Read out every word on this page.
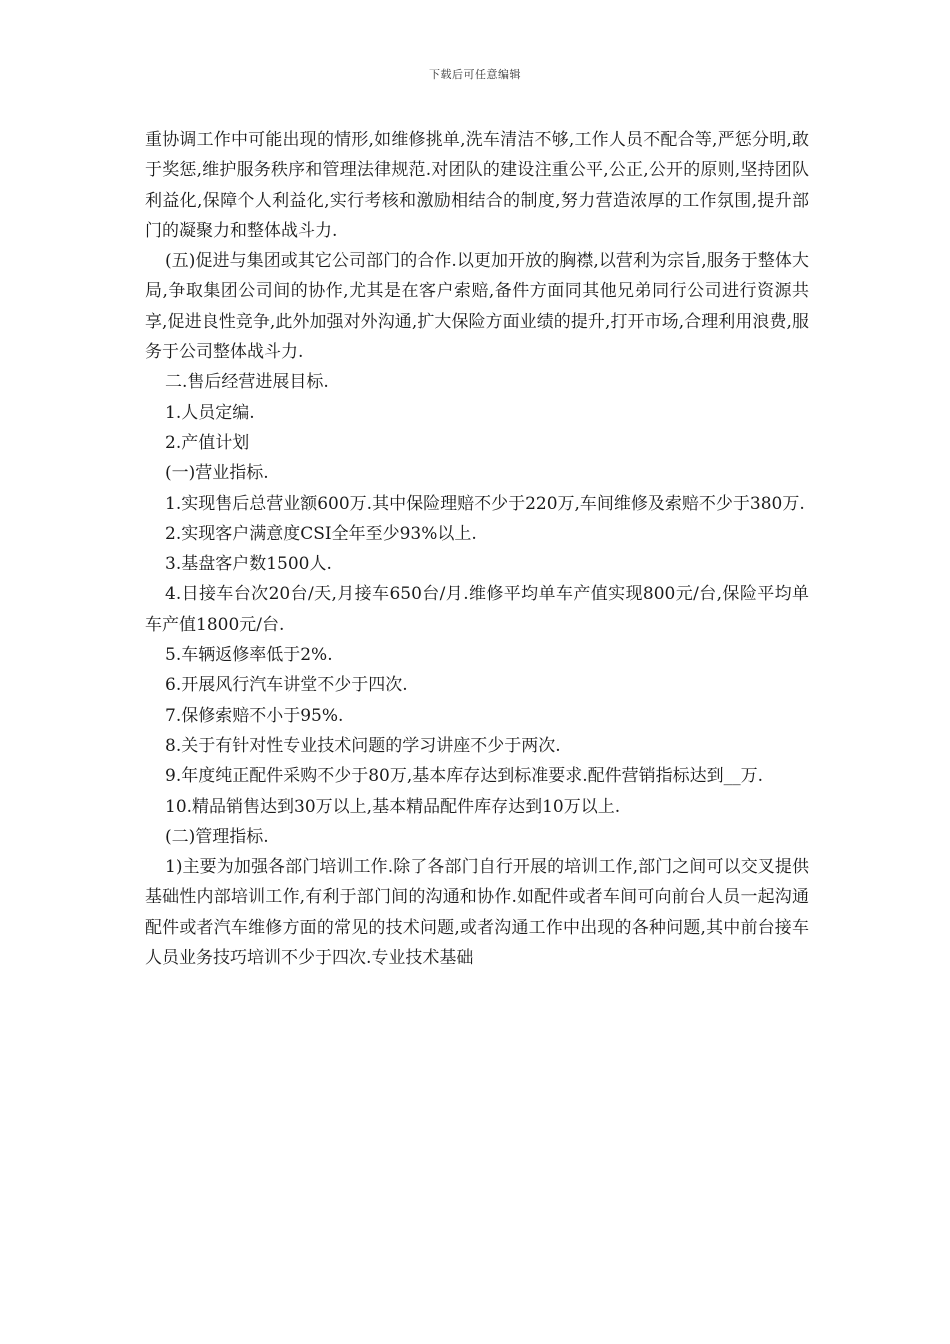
下载后可任意编辑

重协调工作中可能出现的情形,如维修挑单,洗车清洁不够,工作人员不配合等,严惩分明,敢于奖惩,维护服务秩序和管理法律规范.对团队的建设注重公平,公正,公开的原则,坚持团队利益化,保障个人利益化,实行考核和激励相结合的制度,努力营造浓厚的工作氛围,提升部门的凝聚力和整体战斗力.

(五)促进与集团或其它公司部门的合作.以更加开放的胸襟,以营利为宗旨,服务于整体大局,争取集团公司间的协作,尤其是在客户索赔,备件方面同其他兄弟同行公司进行资源共享,促进良性竞争,此外加强对外沟通,扩大保险方面业绩的提升,打开市场,合理利用浪费,服务于公司整体战斗力.

二.售后经营进展目标.

1.人员定编.

2.产值计划

(一)营业指标.

1.实现售后总营业额600万.其中保险理赔不少于220万,车间维修及索赔不少于380万.

2.实现客户满意度CSI全年至少93%以上.

3.基盘客户数1500人.

4.日接车台次20台/天,月接车650台/月.维修平均单车产值实现800元/台,保险平均单车产值1800元/台.

5.车辆返修率低于2%.

6.开展风行汽车讲堂不少于四次.

7.保修索赔不小于95%.

8.关于有针对性专业技术问题的学习讲座不少于两次.

9.年度纯正配件采购不少于80万,基本库存达到标准要求.配件营销指标达到__万.

10.精品销售达到30万以上,基本精品配件库存达到10万以上.

(二)管理指标.

1)主要为加强各部门培训工作.除了各部门自行开展的培训工作,部门之间可以交叉提供基础性内部培训工作,有利于部门间的沟通和协作.如配件或者车间可向前台人员一起沟通配件或者汽车维修方面的常见的技术问题,或者沟通工作中出现的各种问题,其中前台接车人员业务技巧培训不少于四次.专业技术基础
